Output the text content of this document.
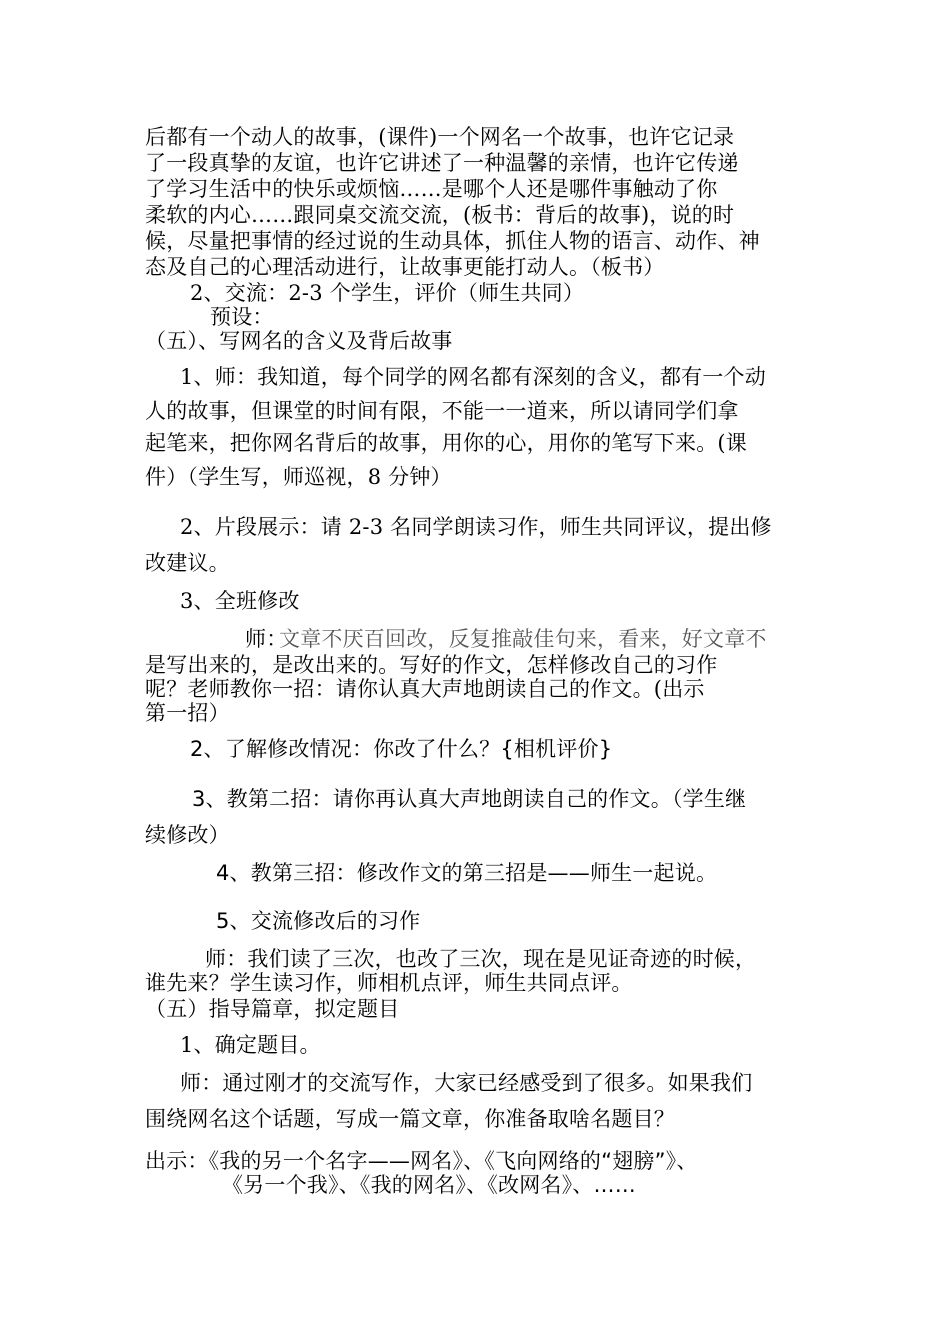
后都有一个动人的故事，(课件)一个网名一个故事，也许它记录
了一段真挚的友谊，也许它讲述了一种温馨的亲情，也许它传递
了学习生活中的快乐或烦恼……是哪个人还是哪件事触动了你
柔软的内心……跟同桌交流交流，(板书：背后的故事)，说的时
候，尽量把事情的经过说的生动具体，抓住人物的语言、动作、神
态及自己的心理活动进行，让故事更能打动人。（板书）
2、交流：2-3 个学生，评价（师生共同）
预设：
（五）、写网名的含义及背后故事
1、师：我知道，每个同学的网名都有深刻的含义，都有一个动
人的故事，但课堂的时间有限，不能一一道来，所以请同学们拿
起笔来，把你网名背后的故事，用你的心，用你的笔写下来。(课
件）（学生写，师巡视，8 分钟）
2、片段展示：请 2-3 名同学朗读习作，师生共同评议，提出修
改建议。
3、全班修改
师：
文章不厌百回改，反复推敲佳句来，看来，好文章不
是写出来的，是改出来的。写好的作文，怎样修改自己的习作
呢？老师教你一招：请你认真大声地朗读自己的作文。(出示
第一招）
2、了解修改情况：你改了什么？{相机评价}
3、教第二招：请你再认真大声地朗读自己的作文。（学生继
续修改）
4、教第三招：修改作文的第三招是——师生一起说。
5、交流修改后的习作
师：我们读了三次，也改了三次，现在是见证奇迹的时候，
谁先来？学生读习作，师相机点评，师生共同点评。
（五）指导篇章，拟定题目
1、确定题目。
师：通过刚才的交流写作，大家已经感受到了很多。如果我们
围绕网名这个话题，写成一篇文章，你准备取啥名题目？
出示：《我的另一个名字——网名》、《飞向网络的“翅膀”》、
《另一个我》、《我的网名》、《改网名》、……
